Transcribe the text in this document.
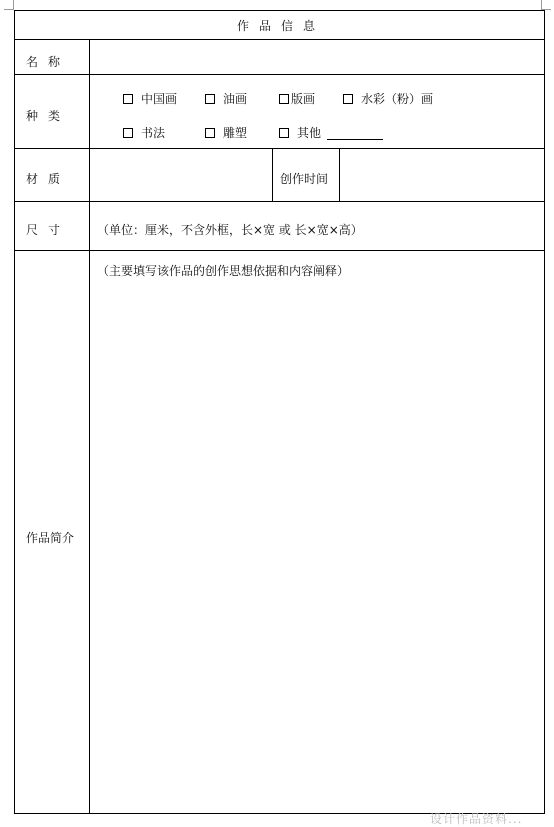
作品信息
名称
种类
中国画	油画	版画	水彩（粉）画
书法	雕塑	其他
材质	创作时间
尺寸 （单位：厘米，不含外框，长×宽 或 长×宽×高）
作品简介
（主要填写该作品的创作思想依据和内容阐释）
设计作品资料...
